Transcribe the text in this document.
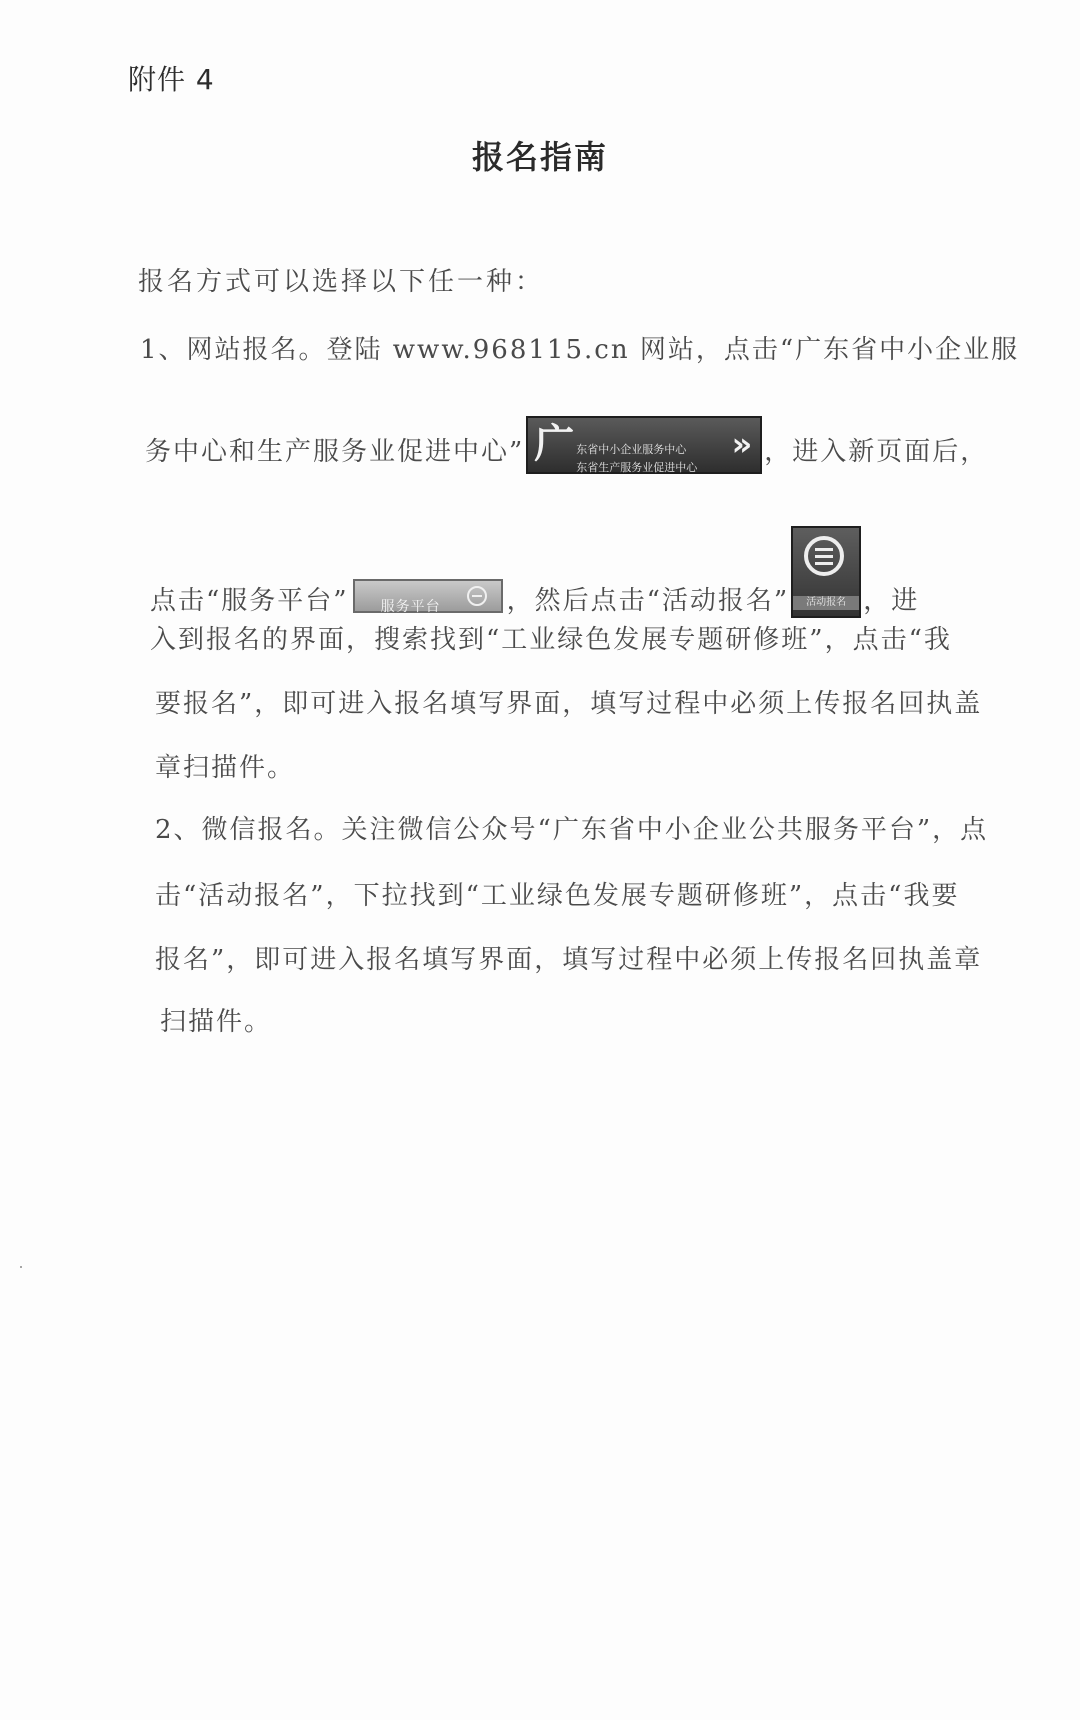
附件 4
报名指南
报名方式可以选择以下任一种：
1、网站报名。登陆 www.968115.cn 网站，点击“广东省中小企业服
务中心和生产服务业促进中心” 广 东省中小企业服务中心
东省生产服务业促进中心
» ，进入新页面后，
点击“服务平台” 服务平台	，然后点击“活动报名”	活动报名 ，进
入到报名的界面，搜索找到“工业绿色发展专题研修班”，点击“我
要报名”，即可进入报名填写界面，填写过程中必须上传报名回执盖
章扫描件。
2、微信报名。关注微信公众号“广东省中小企业公共服务平台”，点
击“活动报名”，下拉找到“工业绿色发展专题研修班”，点击“我要
报名”，即可进入报名填写界面，填写过程中必须上传报名回执盖章
扫描件。
